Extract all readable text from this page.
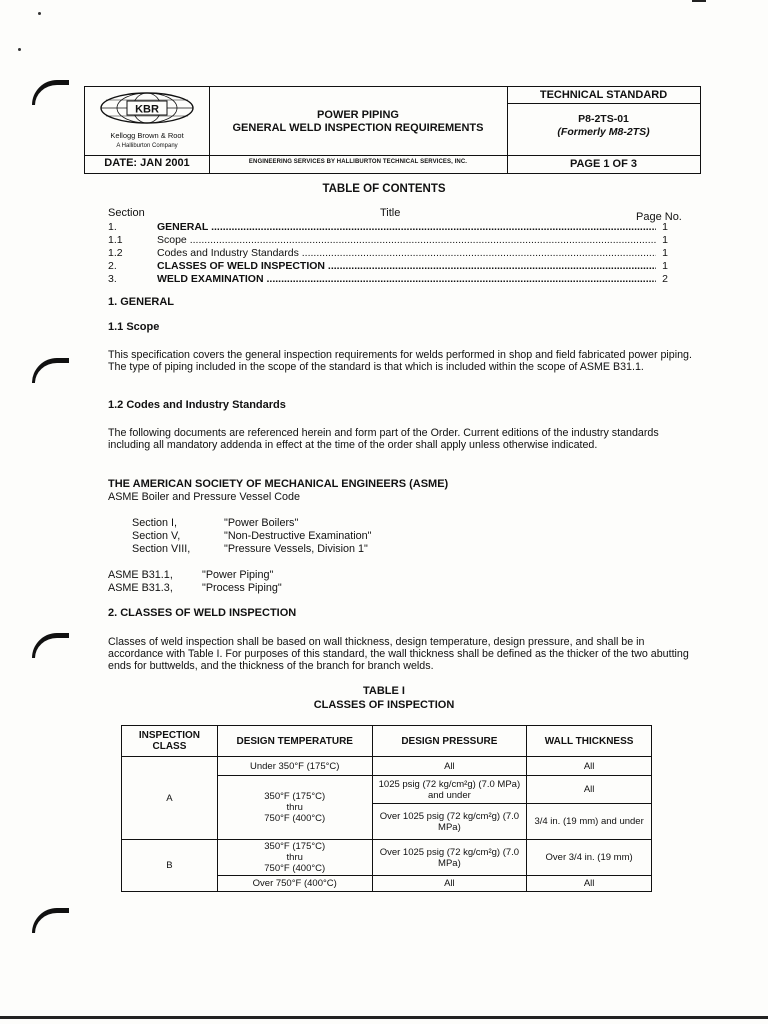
KBR
Kellogg Brown & Root
A Halliburton Company
DATE: JAN 2001
POWER PIPING
GENERAL WELD INSPECTION REQUIREMENTS
ENGINEERING SERVICES BY HALLIBURTON TECHNICAL SERVICES, INC.
TECHNICAL STANDARD
P8-2TS-01
(Formerly M8-2TS)
PAGE 1 OF 3
TABLE OF CONTENTS
Section	Title	Page No.
1.	GENERAL .....	1
1.1	Scope .....	1
1.2	Codes and Industry Standards .....	1
2.	CLASSES OF WELD INSPECTION .....	1
3.	WELD EXAMINATION .....	2
1. GENERAL
1.1 Scope
This specification covers the general inspection requirements for welds performed in shop and field fabricated power piping. The type of piping included in the scope of the standard is that which is included within the scope of ASME B31.1.
1.2 Codes and Industry Standards
The following documents are referenced herein and form part of the Order. Current editions of the industry standards including all mandatory addenda in effect at the time of the order shall apply unless otherwise indicated.
THE AMERICAN SOCIETY OF MECHANICAL ENGINEERS (ASME)
ASME Boiler and Pressure Vessel Code
Section I,	"Power Boilers"
Section V,	"Non-Destructive Examination"
Section VIII,	"Pressure Vessels, Division 1"
ASME B31.1,	"Power Piping"
ASME B31.3,	"Process Piping"
2. CLASSES OF WELD INSPECTION
Classes of weld inspection shall be based on wall thickness, design temperature, design pressure, and shall be in accordance with Table I. For purposes of this standard, the wall thickness shall be defined as the thicker of the two abutting ends for buttwelds, and the thickness of the branch for branch welds.
TABLE I
CLASSES OF INSPECTION
INSPECTION CLASS	DESIGN TEMPERATURE	DESIGN PRESSURE	WALL THICKNESS
A	Under 350°F (175°C)	All	All

	350°F (175°C)
thru
750°F (400°C)	1025 psig (72 kg/cm²g) (7.0 MPa) and under	All
		Over 1025 psig (72 kg/cm²g) (7.0 MPa)	3/4 in. (19 mm) and under
B	350°F (175°C)
thru
750°F (400°C)	Over 1025 psig (72 kg/cm²g) (7.0 MPa)	Over 3/4 in. (19 mm)
	Over 750°F (400°C)	All	All
